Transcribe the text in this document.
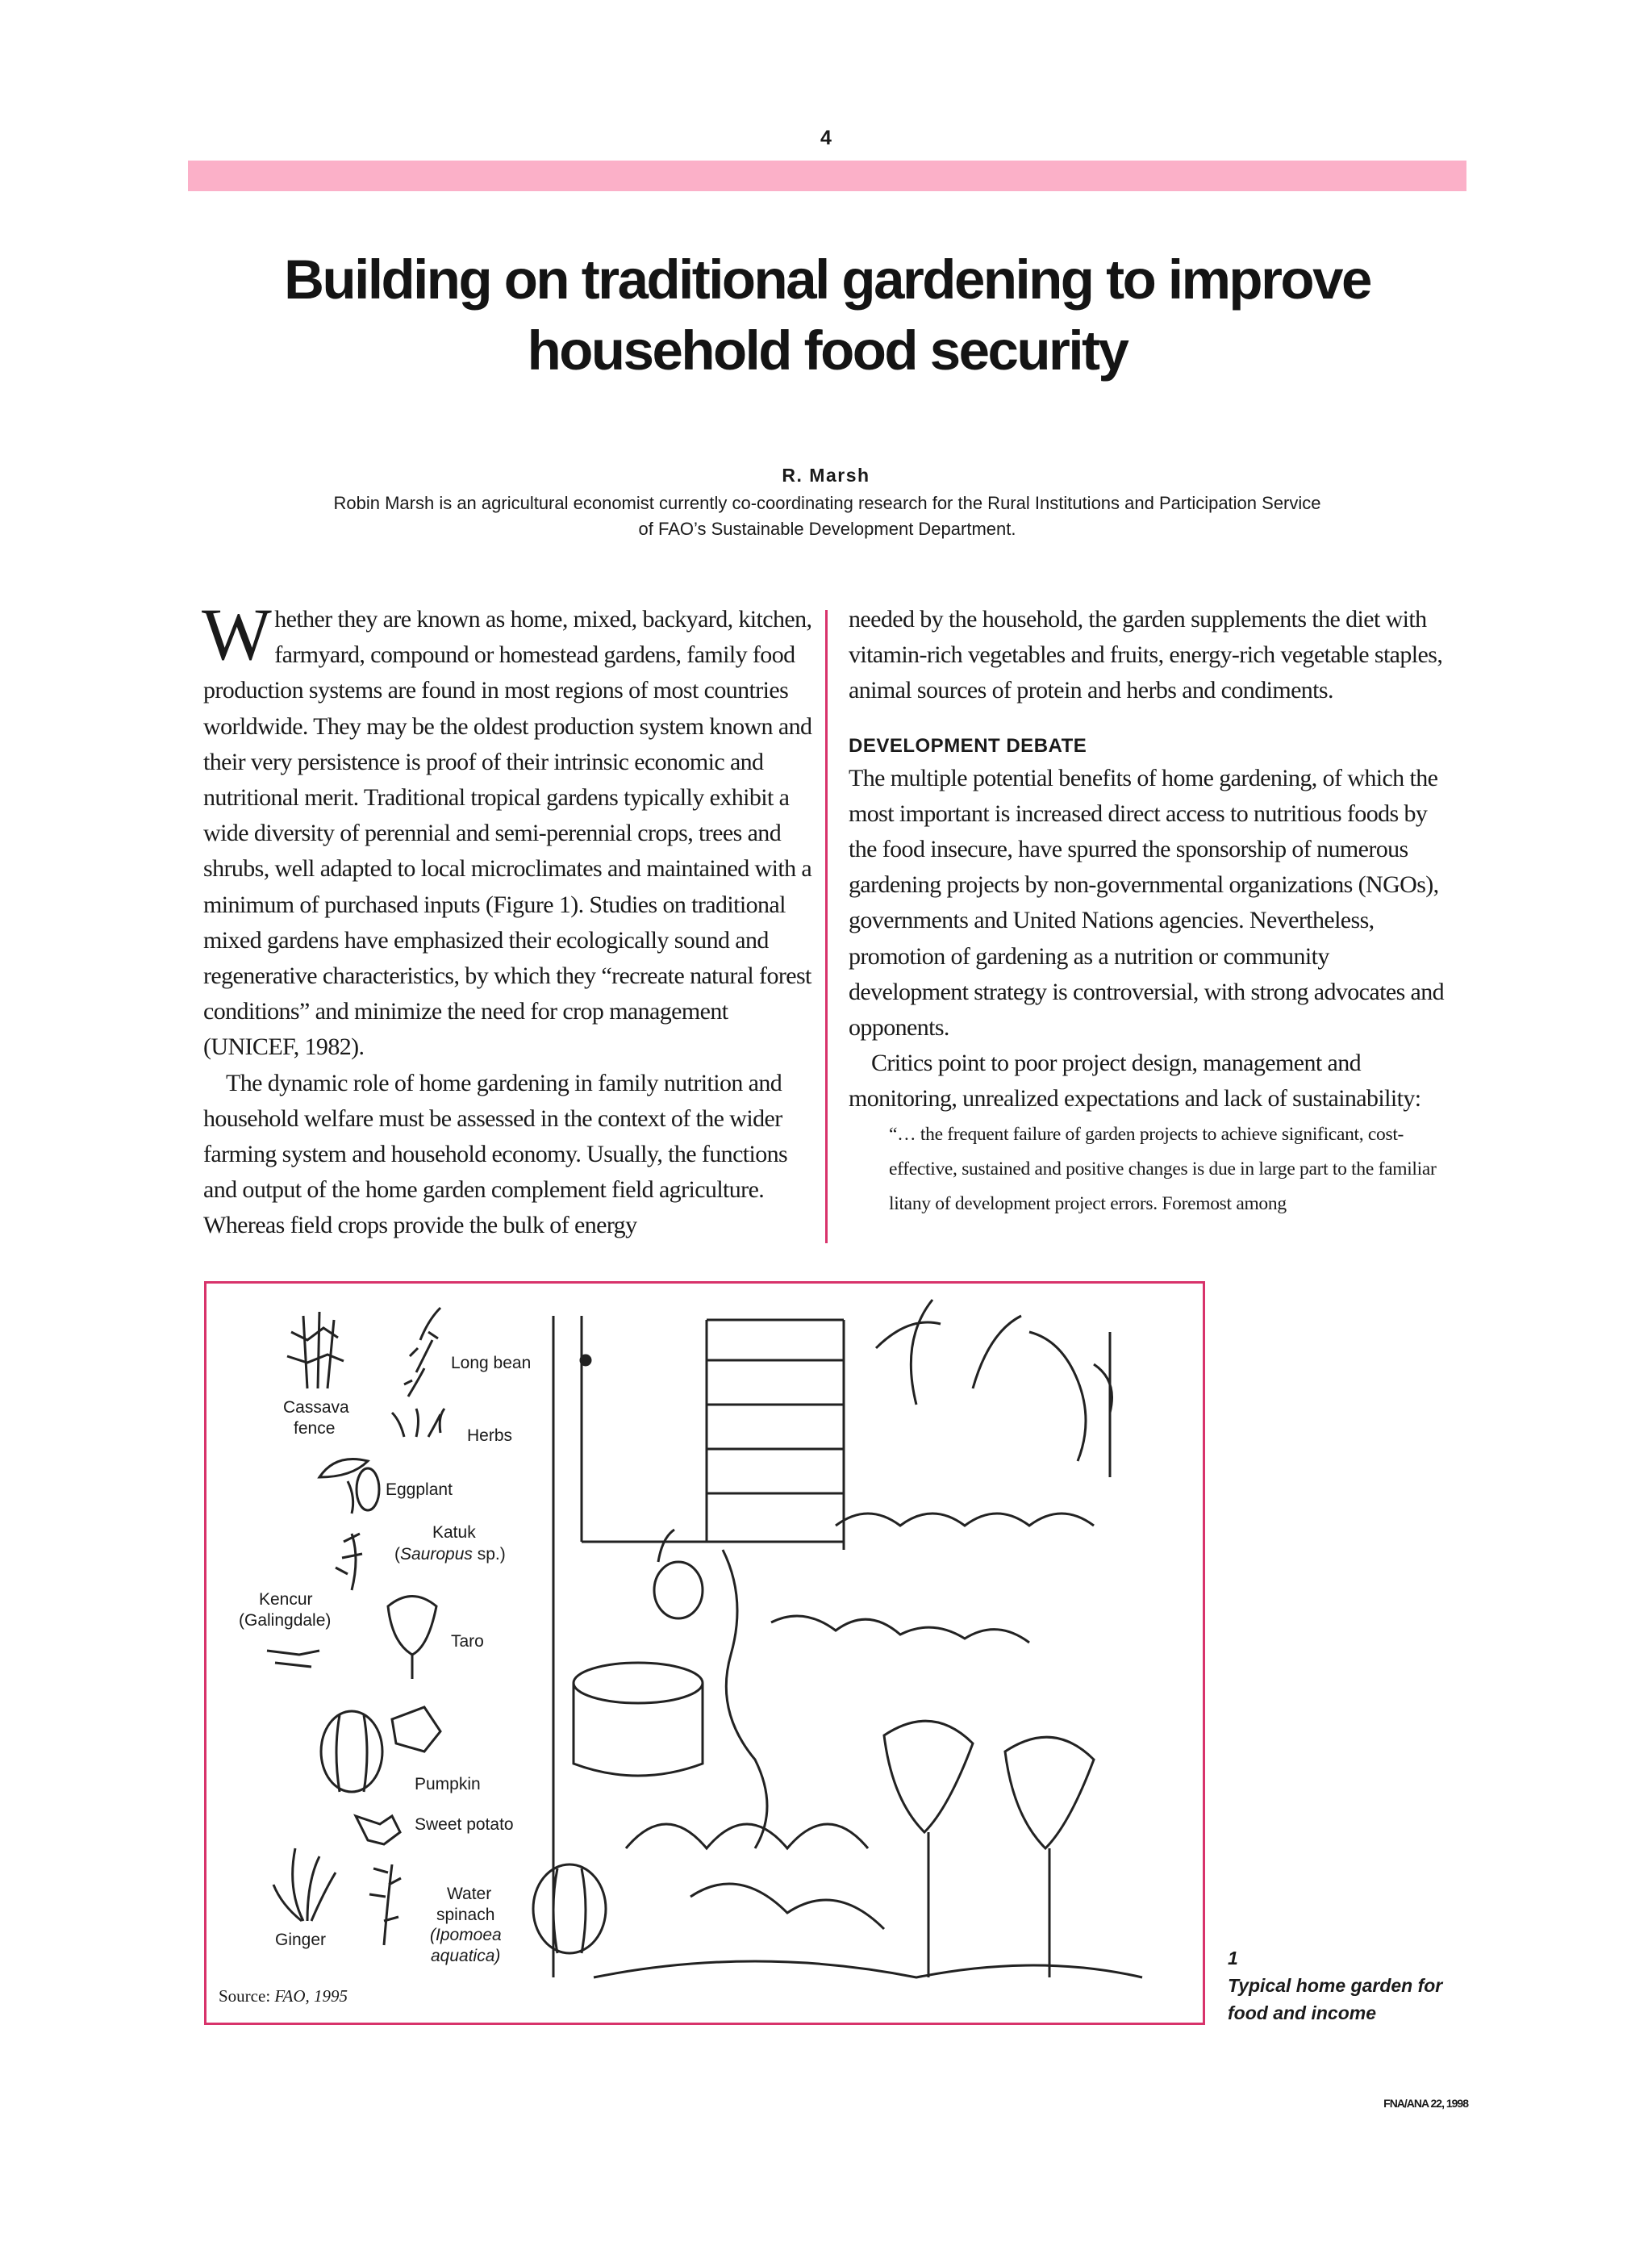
4
Building on traditional gardening to improve
household food security
R. Marsh
Robin Marsh is an agricultural economist currently co-coordinating research for the Rural Institutions and Participation Service
of FAO’s Sustainable Development Department.

Whether they are known as home, mixed, backyard, kitchen, farmyard, compound or homestead gardens, family food production systems are found in most regions of most countries worldwide. They may be the oldest production system known and their very persistence is proof of their intrinsic economic and nutritional merit. Traditional tropical gardens typically exhibit a wide diversity of perennial and semi-perennial crops, trees and shrubs, well adapted to local microclimates and maintained with a minimum of purchased inputs (Figure 1). Studies on traditional mixed gardens have emphasized their ecologically sound and regenerative characteristics, by which they “recreate natural forest conditions” and minimize the need for crop management (UNICEF, 1982).

The dynamic role of home gardening in family nutrition and household welfare must be assessed in the context of the wider farming system and household economy. Usually, the functions and output of the home garden complement field agriculture. Whereas field crops provide the bulk of energy

needed by the household, the garden supplements the diet with vitamin-rich vegetables and fruits, energy-rich vegetable staples, animal sources of protein and herbs and condiments.

DEVELOPMENT DEBATE

The multiple potential benefits of home gardening, of which the most important is increased direct access to nutritious foods by the food insecure, have spurred the sponsorship of numerous gardening projects by non-governmental organizations (NGOs), governments and United Nations agencies. Nevertheless, promotion of gardening as a nutrition or community development strategy is controversial, with strong advocates and opponents.

Critics point to poor project design, management and monitoring, unrealized expectations and lack of sustainability:

“… the frequent failure of garden projects to achieve significant, cost-effective, sustained and positive changes is due in large part to the familiar litany of development project errors. Foremost among

Cassava
fence
Long bean
Herbs
Eggplant
Katuk
(Sauropus sp.)
Kencur
(Galingdale)
Taro
Pumpkin
Sweet potato
Water
spinach
(Ipomoea
aquatica)
Ginger
Source: FAO, 1995
1
Typical home garden for
food and income
FNA/ANA 22, 1998
